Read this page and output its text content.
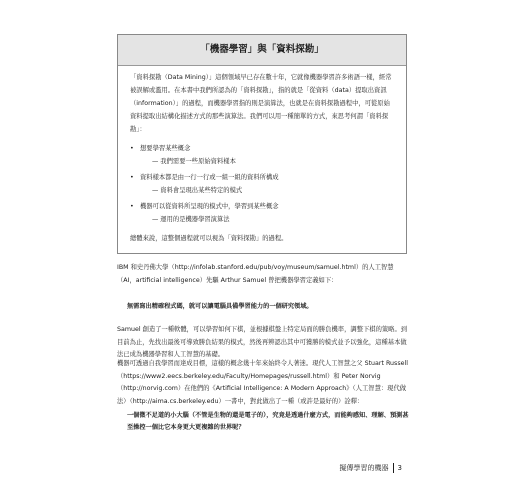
「機器學習」與「資料探勘」

「資料探勘（Data Mining）」這個領域早已存在數十年，它就像機器學習許多術語一樣，經常被誤解或濫用。在本書中我們所認為的「資料探勘」，指的就是「從資料（data）提取出資訊（information）」的過程，而機器學習指的則是演算法，也就是在資料探勘過程中，可從原始資料提取出結構化描述方式的那些演算法。我們可以用一種簡單的方式，來思考何謂「資料探勘」：

• 想要學習某些概念
— 我們需要一些原始資料樣本
• 資料樣本都是由一行一行或一組一組的資料所構成
— 資料會呈現出某些特定的模式
• 機器可以從資料所呈現的模式中，學習到某些概念
— 運用的是機器學習演算法

總體來說，這整個過程就可以視為「資料探勘」的過程。

IBM 和史丹佛大學（http://infolab.stanford.edu/pub/voy/museum/samuel.html）的人工智慧（AI，artificial intelligence）先驅 Arthur Samuel 曾把機器學習定義如下：

無需寫出精確程式碼，就可以讓電腦具備學習能力的一個研究領域。

Samuel 創造了一種軟體，可以學習如何下棋，並根據棋盤上特定局面的勝負機率，調整下棋的策略。到目前為止，先找出最後可導致勝負結果的模式，然後再辨認出其中可獲勝的模式並予以強化，這種基本做法已成為機器學習和人工智慧的基礎。

機器可透過自我學習而達成目標，這樣的概念幾十年來始終令人著迷。現代人工智慧之父 Stuart Russell（https://www2.eecs.berkeley.edu/Faculty/Homepages/russell.html）和 Peter Norvig（http://norvig.com）在他們的《Artificial Intelligence: A Modern Approach》（人工智慧：現代做法）（http://aima.cs.berkeley.edu）一書中，對此做出了一種（或許是最好的）詮釋：

一個微不足道的小大腦（不管是生物的還是電子的），究竟是透過什麼方式，而能夠感知、理解、預測甚至操控一個比它本身更大更複雜的世界呢？

擬傳學習的機器 3
